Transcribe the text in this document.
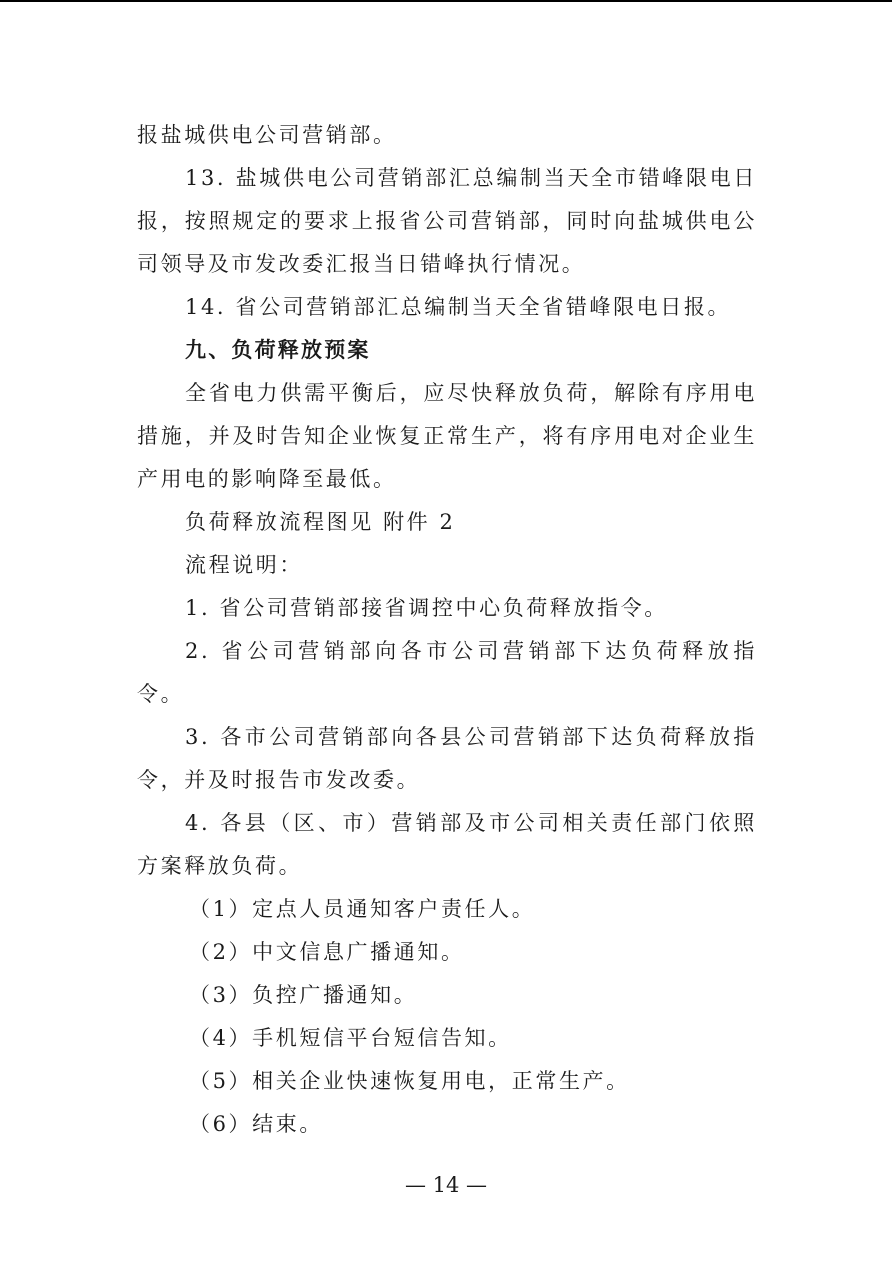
报盐城供电公司营销部。

13. 盐城供电公司营销部汇总编制当天全市错峰限电日报，按照规定的要求上报省公司营销部，同时向盐城供电公司领导及市发改委汇报当日错峰执行情况。

14. 省公司营销部汇总编制当天全省错峰限电日报。

九、负荷释放预案

全省电力供需平衡后，应尽快释放负荷，解除有序用电措施，并及时告知企业恢复正常生产，将有序用电对企业生产用电的影响降至最低。

负荷释放流程图见 附件 2

流程说明：

1. 省公司营销部接省调控中心负荷释放指令。

2. 省公司营销部向各市公司营销部下达负荷释放指令。

3. 各市公司营销部向各县公司营销部下达负荷释放指令，并及时报告市发改委。

4. 各县（区、市）营销部及市公司相关责任部门依照方案释放负荷。

（1）定点人员通知客户责任人。

（2）中文信息广播通知。

（3）负控广播通知。

（4）手机短信平台短信告知。

（5）相关企业快速恢复用电，正常生产。

（6）结束。

— 14 —
